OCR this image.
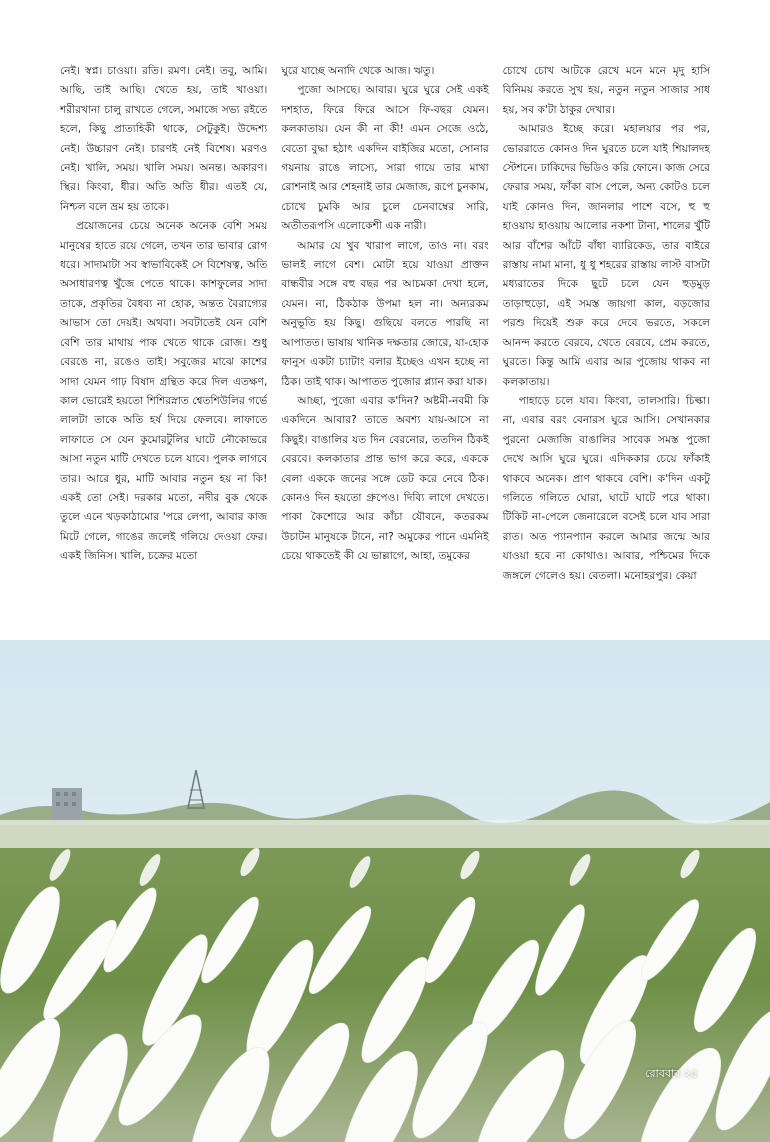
নেই। স্বপ্ন। চাওয়া। রতি। রমণ। নেই। তবু, আমি। আছি, তাই আছি। খেতে হয়, তাই খাওয়া। শরীরখানা চালু রাখতে গেলে, সমাজে সভ্য রইতে হলে, কিছু প্রাত্যহিকী থাকে, সেটুকুই। উদ্দেশ্য নেই। উচ্চারণ নেই। চারণই নেই বিশেষ। মরণও নেই। খালি, সময়। খালি সময়। অনন্ত। অকারণ। স্থির। কিংবা, ধীর। অতি অতি ধীর। এতই যে, নিশ্চল বলে ভ্রম হয় তাকে।

প্রয়োজনের চেয়ে অনেক অনেক বেশি সময় মানুষের হাতে রয়ে গেলে, তখন তার ভাবার রোগ ধরে। সাদামাটা সব স্বাভাবিকেই সে বিশেষত্ব, অতি অসাধারণত্ব খুঁজে পেতে থাকে। কাশফুলের সাদা তাকে, প্রকৃতির বৈধব্য না হোক, অন্তত বৈরাগ্যের আভাস তো দেয়ই। অথবা। সবটাতেই যেন বেশি বেশি তার মাথায় পাক খেতে থাকে রোজ। শুধু বেরঙে না, রঙেও তাই। সবুজের মাঝে কাশের সাদা যেমন গাঢ় বিষাদ গ্রন্থিত করে দিল এতক্ষণ, কাল ভোরেই হয়তো শিশিরস্নাত শ্বেতশিউলির গর্ভে লালটা তাকে অতি হর্ষ দিয়ে ফেলবে। লাফাতে লাফাতে সে যেন কুমোরটুলির ঘাটে নৌকোভরে আসা নতুন মাটি দেখতে চলে যাবে। পুলক লাগবে তার। আরে ধুর, মাটি আবার নতুন হয় না কি! একই তো সেই। দরকার মতো, নদীর বুক থেকে তুলে এনে খড়কাঠামোর 'পরে লেপা, আবার কাজ মিটে গেলে, গাঙের জলেই গলিয়ে দেওয়া ফের। একই জিনিস। খালি, চক্রের মতো

ঘুরে যাচ্ছে অনাদি থেকে আজ। ঋতু।

পুজো আসছে। আবার। ঘুরে ঘুরে সেই একই দশহাত, ফিরে ফিরে আসে ফি-বছর যেমন। কলকাতায়। যেন কী না কী! এমন সেজে ওঠে, বেতো বুদ্ধা হঠাৎ একদিন বাইজির মতো, সোনার গয়নায় রাঙে লাস্যে, সারা গায়ে তার মাখা রোশনাই আর শেহনাই তার মেজাজ, রূপে চুনকাম, চোখে চুমকি আর চুলে চেনবাম্বের সারি, অতীতরূপসি এলোকেশী এক নারী।

আমার যে খুব খারাপ লাগে, তাও না। বরং ভালই লাগে বেশ। মোটা হয়ে যাওয়া প্রাক্তন বান্ধবীর সঙ্গে বহু বছর পর আচমকা দেখা হলে, যেমন। না, ঠিকঠাক উপমা হল না। অন্যরকম অনুভূতি হয় কিছু। গুছিয়ে বলতে পারছি না আপাতত। ভাষায় খানিক দক্ষতার জোরে, যা-হোক ফানুস একটা চ্যাটাং বলার ইচ্ছেও এখন হচ্ছে না ঠিক। তাই থাক। আপাতত পুজোর প্ল্যান করা যাক।

আচ্ছা, পুজো এবার ক'দিন? অষ্টমী-নবমী কি একদিনে আবার? তাতে অবশ্য যায়-আসে না কিছুই। বাঙালির যত দিন বেরনোর, ততদিন ঠিকই বেরবে। কলকাতার প্রান্ত ভাগ করে করে, এককে বেলা এককে জনের সঙ্গে ডেট করে নেবে ঠিক। কোনও দিন হয়তো গ্রুপেও। দিব্যি লাগে দেখতে। পাকা কৈশোরে আর কাঁচা যৌবনে, কতরকম উচাটন মানুষকে টানে, না? অমুকের পানে এমনিই চেয়ে থাকতেই কী যে ভাল্লাগে, আহা, তমুকের

চোখে চোখ আটকে রেখে মনে মনে মৃদু হাসি বিনিময় করতে সুখ হয়, নতুন নতুন সাজার সাধ হয়, সব ক'টা ঠাকুর দেখার।

আমারও ইচ্ছে করে। মহালয়ার পর পর, ভোররাতে কোনও দিন ঘুরতে চলে যাই শিয়ালদহ স্টেশনে। ঢাকিদের ভিডিও করি ফোনে। কাজ সেরে ফেরার সময়, ফাঁকা বাস পেলে, অন্য কোটও চলে যাই কোনও দিন, জানলার পাশে বসে, হু হু হাওয়ায় হাওয়ায় আলোর নকশা টানা, শালের খুঁটি আর বাঁশের আঁটে বাঁধা ব্যারিকেড, তার বাইরে রাস্তায় নামা মানা, ধু ধু শহরের রাস্তায় লাস্ট বাসটা মধ্যরাতের দিকে ছুটে চলে যেন হুড়মুড় তাড়াহুড়ো, এই সমস্ত জায়গা কাল, বড়জোর পরশু দিয়েই শুরু করে দেবে ভরতে, সকলে আনন্দ করতে বেরবে, খেতে বেরবে, প্রেম করতে, ঘুরতে। কিন্তু আমি এবার আর পুজোয় থাকব না কলকাতায়।

পাহাড়ে চলে যাব। কিংবা, তালসারি। চিল্কা। না, এবার বরং বেনারস ঘুরে আসি। সেখানকার পুরনো মেজাজি বাঙালির সাবেক সমস্ত পুজো দেখে আসি ঘুরে ঘুরে। এদিককার চেয়ে ফাঁকাই থাকবে অনেক। প্রাণ থাকবে বেশি। ক'দিন একটু গলিতে গলিতে ঘোরা, ঘাটে ঘাটে পরে থাকা। টিকিট না-পেলে জেনারেলে বসেই চলে যাব সারা রাত। অত প্যানপ্যান করলে আমার জন্মে আর যাওয়া হবে না কোথাও। আবার, পশ্চিমের দিকে জঙ্গলে গেলেও হয়। বেতলা। মনোহরপুর। কেয়া

রোববার ২৫
